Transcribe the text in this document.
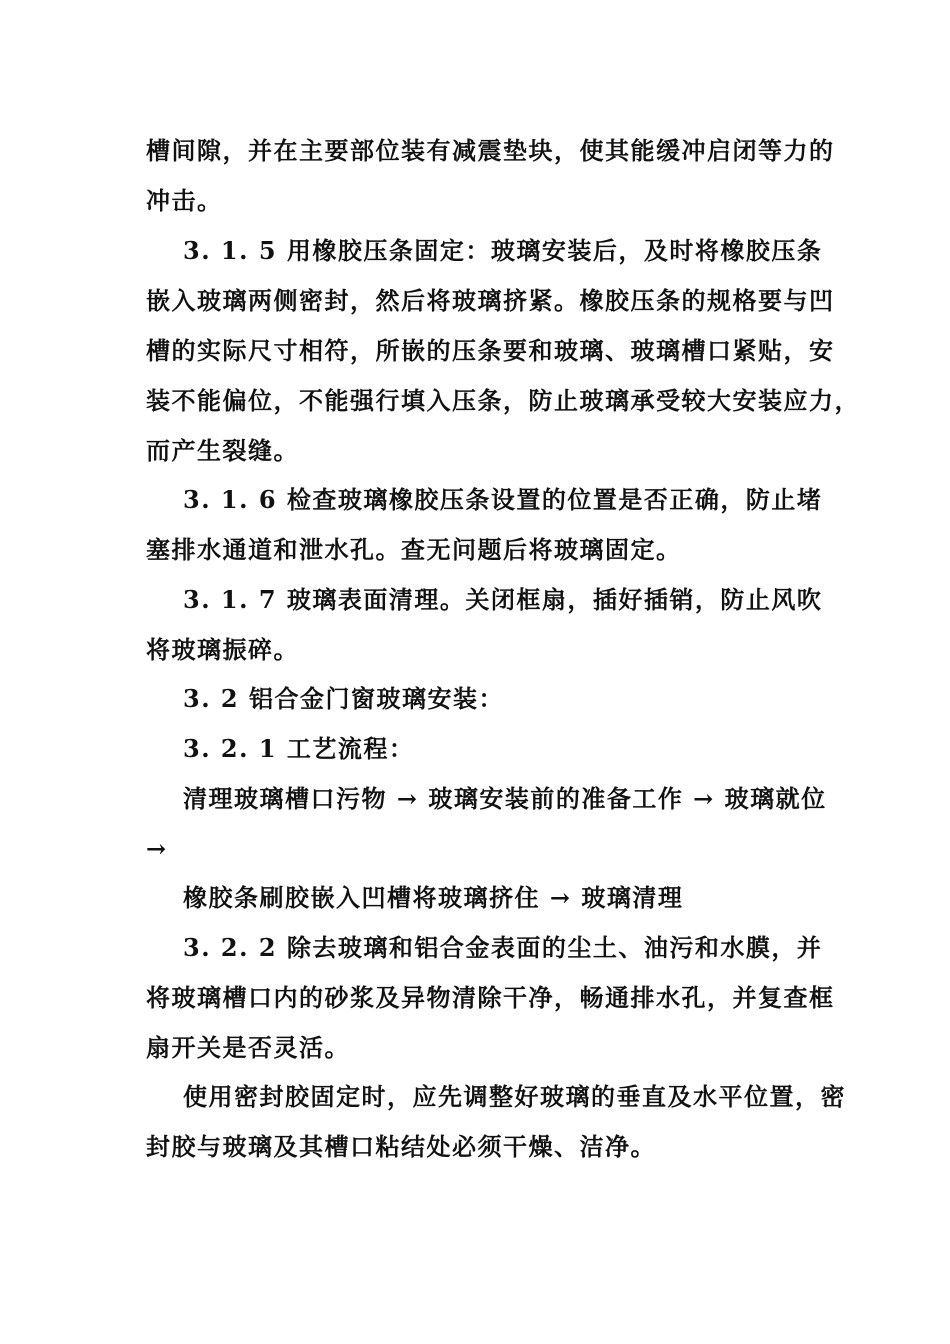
槽间隙，并在主要部位装有减震垫块，使其能缓冲启闭等力的
冲击。
3. 1. 5 用橡胶压条固定：玻璃安装后，及时将橡胶压条
嵌入玻璃两侧密封，然后将玻璃挤紧。橡胶压条的规格要与凹
槽的实际尺寸相符，所嵌的压条要和玻璃、玻璃槽口紧贴，安
装不能偏位，不能强行填入压条，防止玻璃承受较大安装应力，
而产生裂缝。
3. 1. 6 检查玻璃橡胶压条设置的位置是否正确，防止堵
塞排水通道和泄水孔。查无问题后将玻璃固定。
3. 1. 7 玻璃表面清理。关闭框扇，插好插销，防止风吹
将玻璃振碎。
3. 2 铝合金门窗玻璃安装：
3. 2. 1 工艺流程：
清理玻璃槽口污物 → 玻璃安装前的准备工作 → 玻璃就位
→
橡胶条刷胶嵌入凹槽将玻璃挤住 → 玻璃清理
3. 2. 2 除去玻璃和铝合金表面的尘土、油污和水膜，并
将玻璃槽口内的砂浆及异物清除干净，畅通排水孔，并复查框
扇开关是否灵活。
使用密封胶固定时，应先调整好玻璃的垂直及水平位置，密
封胶与玻璃及其槽口粘结处必须干燥、洁净。
